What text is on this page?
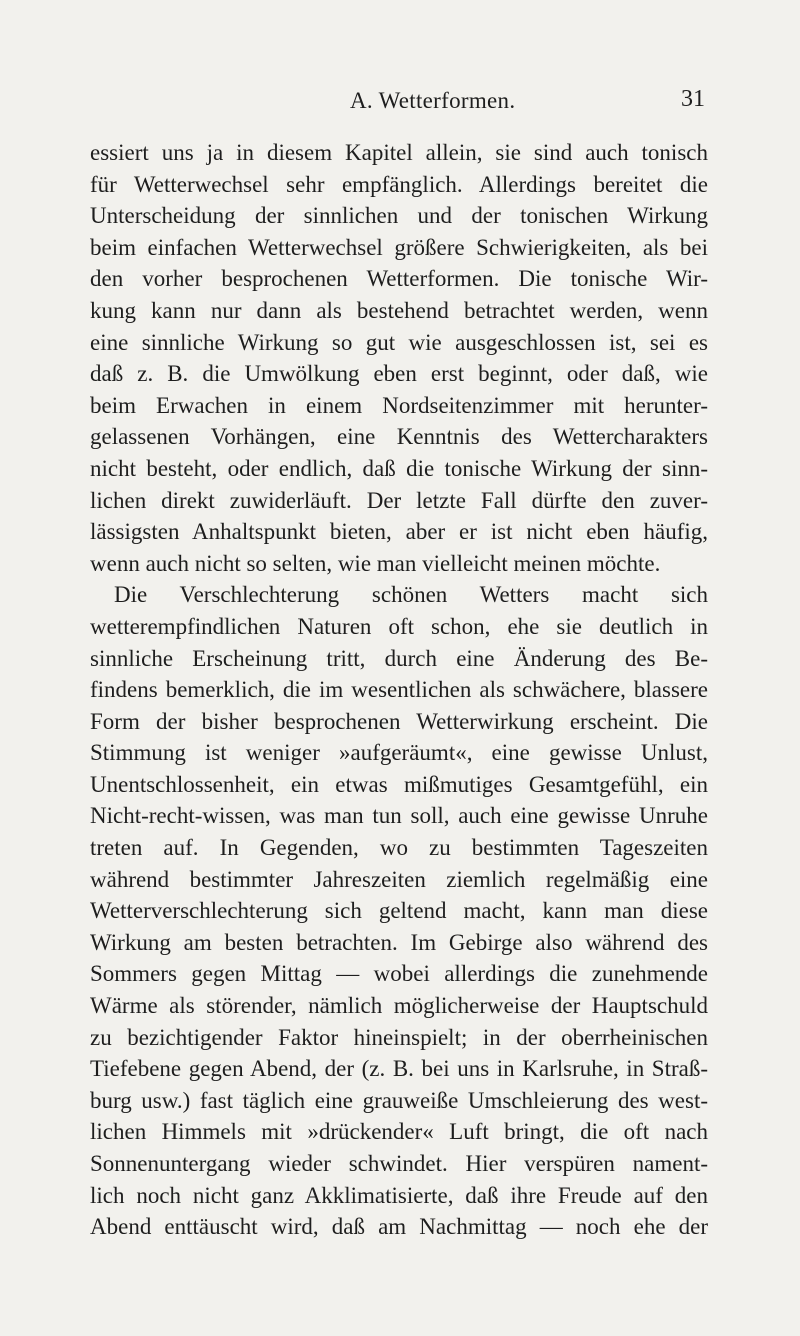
A. Wetterformen.	31
essiert uns ja in diesem Kapitel allein, sie sind auch tonisch
für Wetterwechsel sehr empfänglich. Allerdings bereitet die
Unterscheidung der sinnlichen und der tonischen Wirkung
beim einfachen Wetterwechsel größere Schwierigkeiten, als bei
den vorher besprochenen Wetterformen. Die tonische Wir-
kung kann nur dann als bestehend betrachtet werden, wenn
eine sinnliche Wirkung so gut wie ausgeschlossen ist, sei es
daß z. B. die Umwölkung eben erst beginnt, oder daß, wie
beim Erwachen in einem Nordseitenzimmer mit herunter-
gelassenen Vorhängen, eine Kenntnis des Wettercharakters
nicht besteht, oder endlich, daß die tonische Wirkung der sinn-
lichen direkt zuwiderläuft. Der letzte Fall dürfte den zuver-
lässigsten Anhaltspunkt bieten, aber er ist nicht eben häufig,
wenn auch nicht so selten, wie man vielleicht meinen möchte.
Die Verschlechterung schönen Wetters macht sich
wetterempfindlichen Naturen oft schon, ehe sie deutlich in
sinnliche Erscheinung tritt, durch eine Änderung des Be-
findens bemerklich, die im wesentlichen als schwächere, blassere
Form der bisher besprochenen Wetterwirkung erscheint. Die
Stimmung ist weniger »aufgeräumt«, eine gewisse Unlust,
Unentschlossenheit, ein etwas mißmutiges Gesamtgefühl, ein
Nicht-recht-wissen, was man tun soll, auch eine gewisse Unruhe
treten auf. In Gegenden, wo zu bestimmten Tageszeiten
während bestimmter Jahreszeiten ziemlich regelmäßig eine
Wetterverschlechterung sich geltend macht, kann man diese
Wirkung am besten betrachten. Im Gebirge also während des
Sommers gegen Mittag — wobei allerdings die zunehmende
Wärme als störender, nämlich möglicherweise der Hauptschuld
zu bezichtigender Faktor hineinspielt; in der oberrheinischen
Tiefebene gegen Abend, der (z. B. bei uns in Karlsruhe, in Straß-
burg usw.) fast täglich eine grauweiße Umschleierung des west-
lichen Himmels mit »drückender« Luft bringt, die oft nach
Sonnenuntergang wieder schwindet. Hier verspüren nament-
lich noch nicht ganz Akklimatisierte, daß ihre Freude auf den
Abend enttäuscht wird, daß am Nachmittag — noch ehe der
